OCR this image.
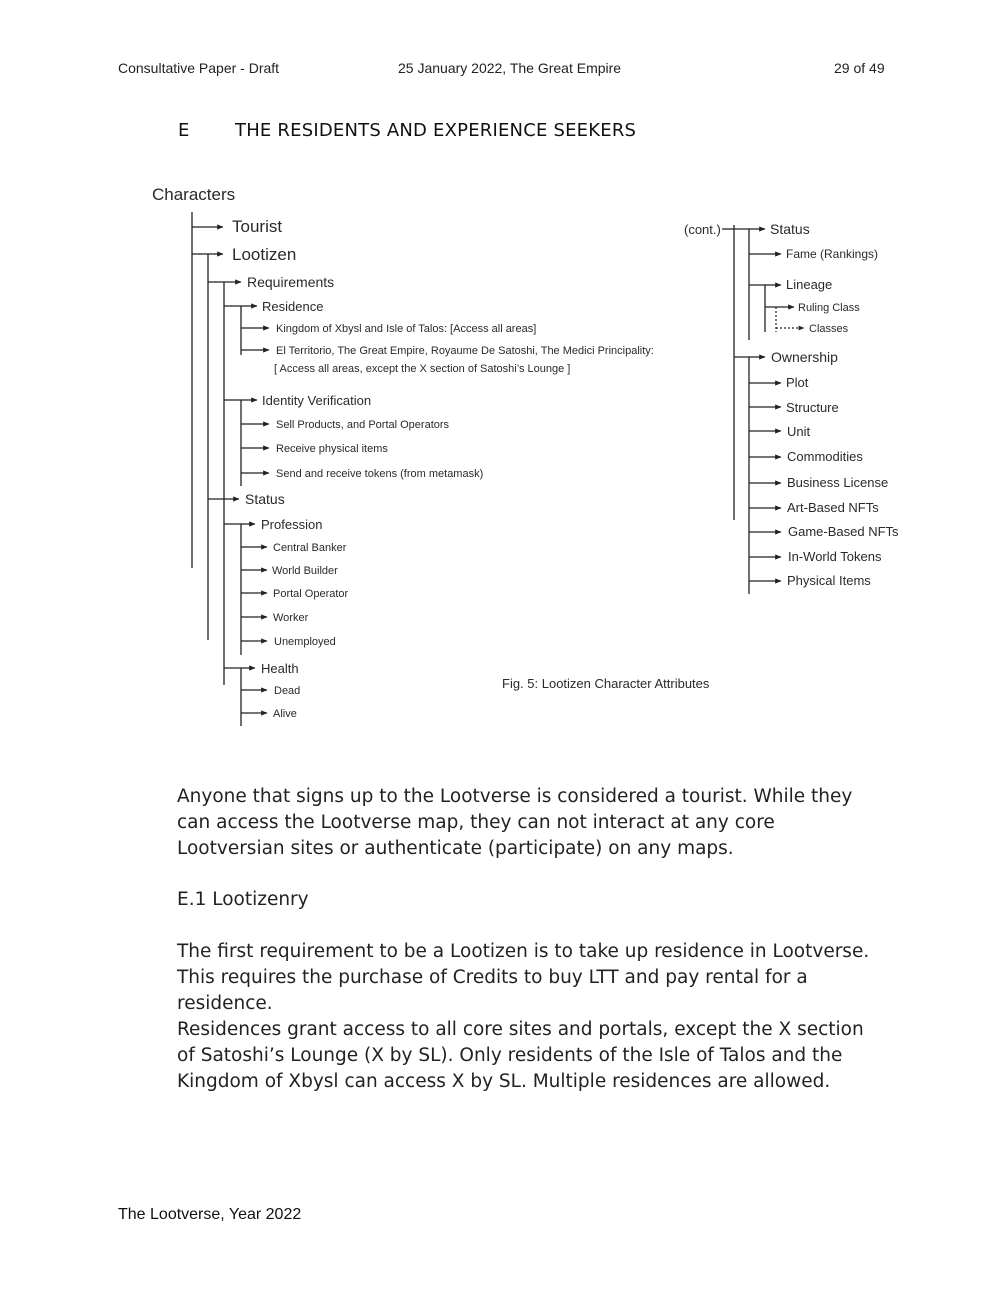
Consultative Paper - Draft	25 January 2022, The Great Empire	29 of 49
E	THE RESIDENTS AND EXPERIENCE SEEKERS
Characters
Tourist
Lootizen
Requirements
Residence
Kingdom of Xbysl and Isle of Talos: [Access all areas]
El Territorio, The Great Empire, Royaume De Satoshi, The Medici Principality:
[ Access all areas, except the X section of Satoshi’s Lounge ]
Identity Verification
Sell Products, and Portal Operators
Receive physical items
Send and receive tokens (from metamask)
Status
Profession
Central Banker
World Builder
Portal Operator
Worker
Unemployed
Health
Dead
Alive
(cont.)	Status
Fame (Rankings)
Lineage
Ruling Class
Classes
Ownership
Plot
Structure
Unit
Commodities
Business License
Art-Based NFTs
Game-Based NFTs
In-World Tokens
Physical Items
Fig. 5: Lootizen Character Attributes

Anyone that signs up to the Lootverse is considered a tourist. While they can access the Lootverse map, they can not interact at any core Lootversian sites or authenticate (participate) on any maps.

E.1 Lootizenry

The first requirement to be a Lootizen is to take up residence in Lootverse. This requires the purchase of Credits to buy LTT and pay rental for a residence.

Residences grant access to all core sites and portals, except the X section of Satoshi’s Lounge (X by SL). Only residents of the Isle of Talos and the Kingdom of Xbysl can access X by SL. Multiple residences are allowed.

The Lootverse, Year 2022
